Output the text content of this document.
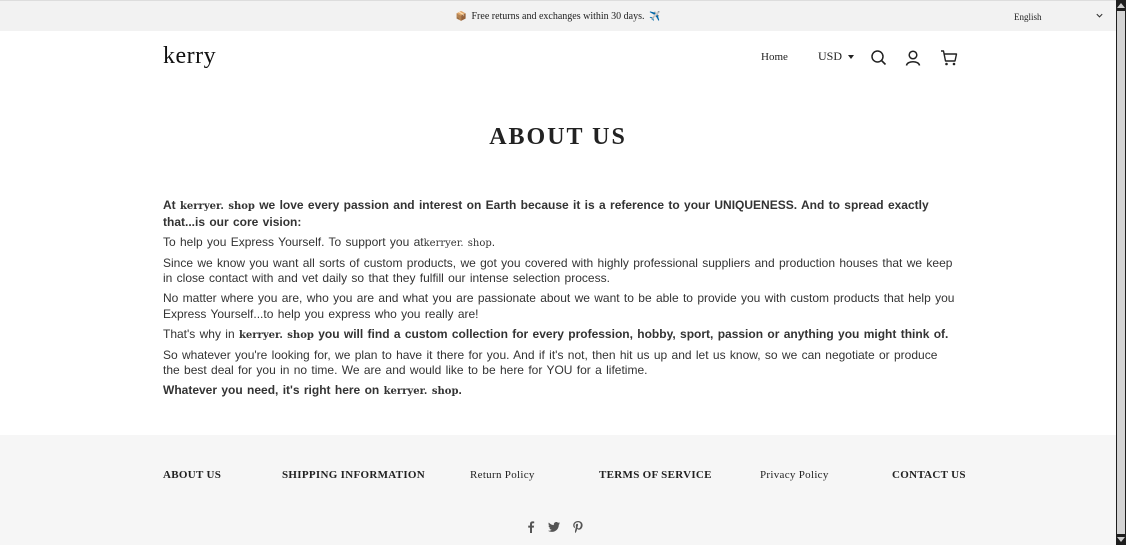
📦 Free returns and exchanges within 30 days. ✈️	English
kerry	Home	USD
ABOUT US

At kerryer. shop we love every passion and interest on Earth because it is a reference to your UNIQUENESS. And to spread exactly that...is our core vision:

To help you Express Yourself. To support you atkerryer. shop.

Since we know you want all sorts of custom products, we got you covered with highly professional suppliers and production houses that we keep in close contact with and vet daily so that they fulfill our intense selection process.

No matter where you are, who you are and what you are passionate about we want to be able to provide you with custom products that help you Express Yourself...to help you express who you really are!

That's why in kerryer. shop you will find a custom collection for every profession, hobby, sport, passion or anything you might think of.

So whatever you're looking for, we plan to have it there for you. And if it's not, then hit us up and let us know, so we can negotiate or produce the best deal for you in no time. We are and would like to be here for YOU for a lifetime.

Whatever you need, it's right here on kerryer. shop.

ABOUT US	SHIPPING INFORMATION	Return Policy	TERMS OF SERVICE	Privacy Policy	CONTACT US
